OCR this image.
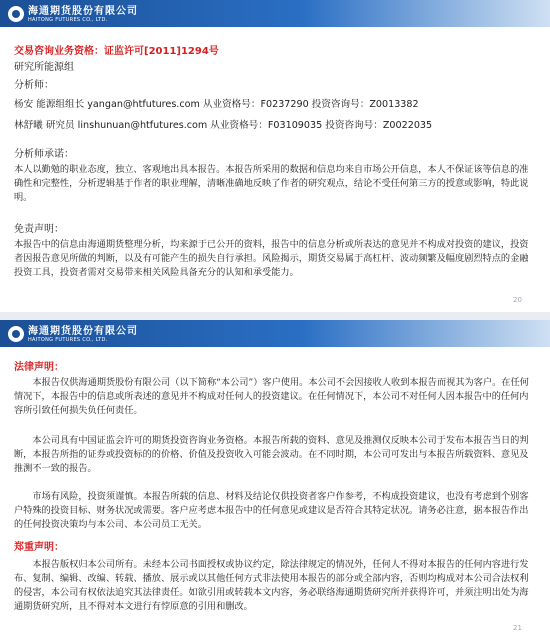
海通期货股份有限公司
HAITONG FUTURES CO., LTD.
交易咨询业务资格：证监许可[2011]1294号
研究所能源组
分析师：
杨安 能源组组长 yangan@htfutures.com 从业资格号：F0237290 投资咨询号：Z0013382
林舒曦 研究员 linshunuan@htfutures.com 从业资格号：F03109035 投资咨询号：Z0022035
分析师承诺：
本人以勤勉的职业态度，独立、客观地出具本报告。本报告所采用的数据和信息均来自市场公开信息，本人不保证该等信息的准确性和完整性，分析逻辑基于作者的职业理解，清晰准确地反映了作者的研究观点，结论不受任何第三方的授意或影响，特此说明。
免责声明：
本报告中的信息由海通期货整理分析，均来源于已公开的资料，报告中的信息分析或所表达的意见并不构成对投资的建议，投资者因报告意见所做的判断，以及有可能产生的损失自行承担。风险揭示，期货交易属于高杠杆、波动频繁及幅度剧烈特点的金融投资工具，投资者需对交易带来相关风险具备充分的认知和承受能力。
20
海通期货股份有限公司
HAITONG FUTURES CO., LTD.
法律声明：
本报告仅供海通期货股份有限公司（以下简称“本公司”）客户使用。本公司不会因接收人收到本报告而视其为客户。在任何情况下，本报告中的信息或所表述的意见并不构成对任何人的投资建议。在任何情况下，本公司不对任何人因本报告中的任何内容所引致任何损失负任何责任。
本公司具有中国证监会许可的期货投资咨询业务资格。本报告所载的资料、意见及推测仅反映本公司于发布本报告当日的判断，本报告所指的证券或投资标的的价格、价值及投资收入可能会波动。在不同时期，本公司可发出与本报告所载资料、意见及推测不一致的报告。
市场有风险，投资须谨慎。本报告所载的信息、材料及结论仅供投资者客户作参考，不构成投资建议，也没有考虑到个别客户特殊的投资目标、财务状况或需要。客户应考虑本报告中的任何意见或建议是否符合其特定状况。请务必注意，据本报告作出的任何投资决策均与本公司、本公司员工无关。
郑重声明：
本报告版权归本公司所有。未经本公司书面授权或协议约定，除法律规定的情况外，任何人不得对本报告的任何内容进行发布、复制、编辑、改编、转载、播放、展示或以其他任何方式非法使用本报告的部分或全部内容，否则均构成对本公司合法权利的侵害，本公司有权依法追究其法律责任。如欲引用或转载本文内容，务必联络海通期货研究所并获得许可，并须注明出处为海通期货研究所，且不得对本文进行有悖原意的引用和删改。
21
